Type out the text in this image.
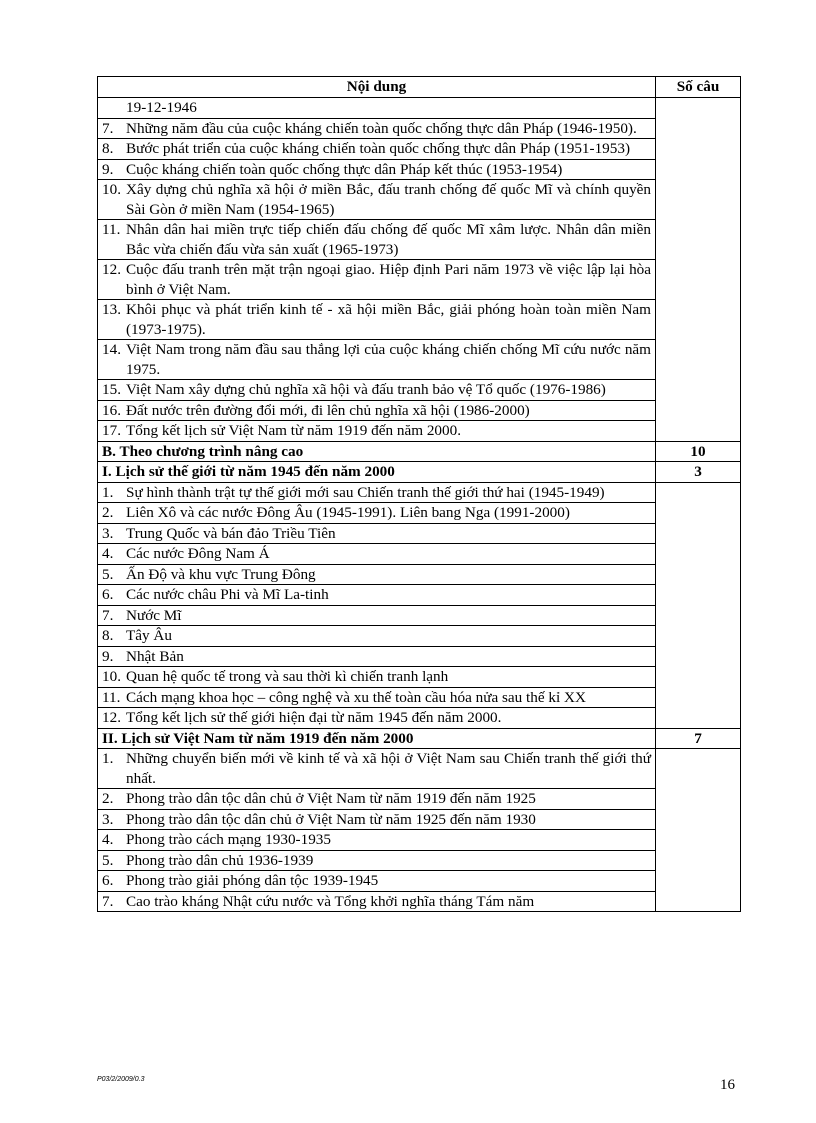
Nội dung	Số câu

19-12-1946	

7. Những năm đầu của cuộc kháng chiến toàn quốc chống thực dân Pháp (1946-1950).	

8. Bước phát triển của cuộc kháng chiến toàn quốc chống thực dân Pháp (1951-1953)	

9. Cuộc kháng chiến toàn quốc chống thực dân Pháp kết thúc (1953-1954)	

10. Xây dựng chủ nghĩa xã hội ở miền Bắc, đấu tranh chống đế quốc Mĩ và chính quyền Sài Gòn ở miền Nam (1954-1965)	

11. Nhân dân hai miền trực tiếp chiến đấu chống đế quốc Mĩ xâm lược. Nhân dân miền Bắc vừa chiến đấu vừa sản xuất (1965-1973)	

12. Cuộc đấu tranh trên mặt trận ngoại giao. Hiệp định Pari năm 1973 về việc lập lại hòa bình ở Việt Nam.	

13. Khôi phục và phát triển kinh tế - xã hội miền Bắc, giải phóng hoàn toàn miền Nam (1973-1975).	

14. Việt Nam trong năm đầu sau thắng lợi của cuộc kháng chiến chống Mĩ cứu nước năm 1975.	

15. Việt Nam xây dựng chủ nghĩa xã hội và đấu tranh bảo vệ Tổ quốc (1976-1986)	

16. Đất nước trên đường đổi mới, đi lên chủ nghĩa xã hội (1986-2000)	

17. Tổng kết lịch sử Việt Nam từ năm 1919 đến năm 2000.	

B. Theo chương trình nâng cao	10
I. Lịch sử thế giới từ năm 1945 đến năm 2000	3

1. Sự hình thành trật tự thế giới mới sau Chiến tranh thế giới thứ hai (1945-1949)	

2. Liên Xô và các nước Đông Âu (1945-1991). Liên bang Nga (1991-2000)	

3. Trung Quốc và bán đảo Triều Tiên	

4. Các nước Đông Nam Á	

5. Ấn Độ và khu vực Trung Đông	

6. Các nước châu Phi và Mĩ La-tinh	

7. Nước Mĩ	

8. Tây Âu	

9. Nhật Bản	

10. Quan hệ quốc tế trong và sau thời kì chiến tranh lạnh	

11. Cách mạng khoa học – công nghệ và xu thế toàn cầu hóa nửa sau thế kỉ XX	

12. Tổng kết lịch sử thế giới hiện đại từ năm 1945 đến năm 2000.	

II. Lịch sử Việt Nam từ năm 1919 đến năm 2000	7

1. Những chuyển biến mới về kinh tế và xã hội ở Việt Nam sau Chiến tranh thế giới thứ nhất.	

2. Phong trào dân tộc dân chủ ở Việt Nam từ năm 1919 đến năm 1925	

3. Phong trào dân tộc dân chủ ở Việt Nam từ năm 1925 đến năm 1930	

4. Phong trào cách mạng 1930-1935	

5. Phong trào dân chủ 1936-1939	

6. Phong trào giải phóng dân tộc 1939-1945	

7. Cao trào kháng Nhật cứu nước và Tổng khởi nghĩa tháng Tám năm	
P03/2/2009/0.3	16
